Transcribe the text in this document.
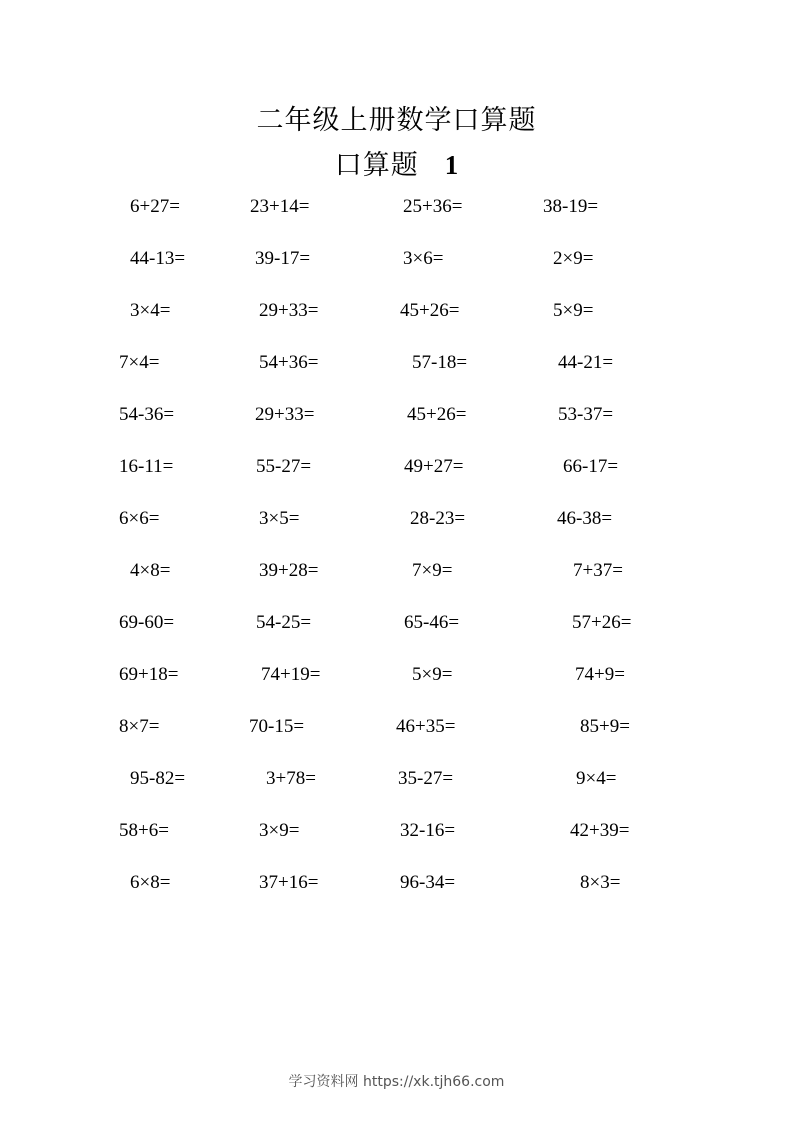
二年级上册数学口算题
口算题 1
6+27=	23+14=	25+36=	38-19=
44-13=	39-17=	3×6=	2×9=
3×4=	29+33=	45+26=	5×9=
7×4=	54+36=	57-18=	44-21=
54-36=	29+33=	45+26=	53-37=
16-11=	55-27=	49+27=	66-17=
6×6=	3×5=	28-23=	46-38=
4×8=	39+28=	7×9=	7+37=
69-60=	54-25=	65-46=	57+26=
69+18=	74+19=	5×9=	74+9=
8×7=	70-15=	46+35=	85+9=
95-82=	3+78=	35-27=	9×4=
58+6=	3×9=	32-16=	42+39=
6×8=	37+16=	96-34=	8×3=
学习资料网 https://xk.tjh66.com
